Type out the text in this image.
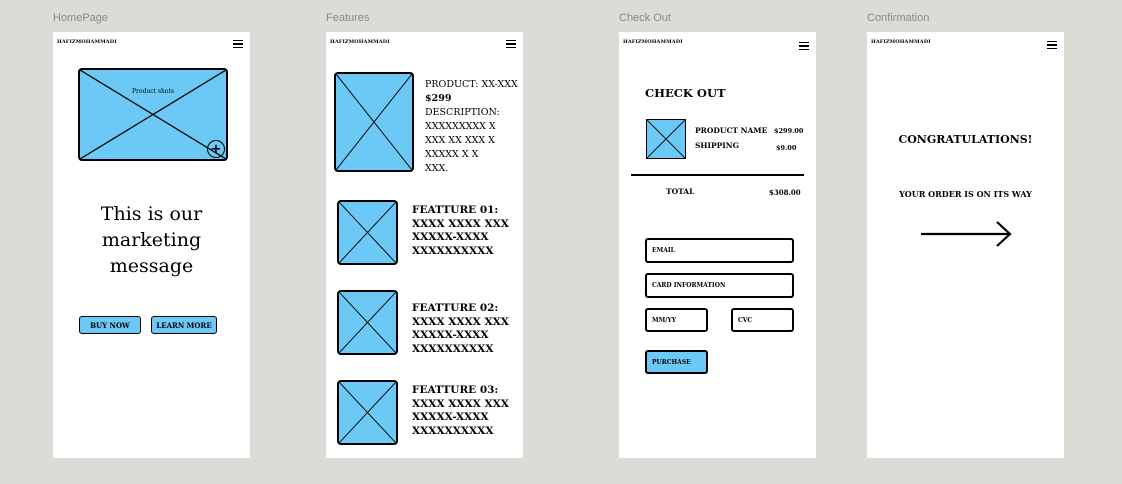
HomePage
HAFIZMOHAMMADI
Product shots
+
This is our
marketing
message
BUY NOW	LEARN MORE
Features
HAFIZMOHAMMADI
PRODUCT: XX-XXX
$299
DESCRIPTION:
XXXXXXXXX X
XXX XX XXX X
XXXXX X X
XXX.
FEATTURE 01:
XXXX XXXX XXX
XXXXX-XXXX
XXXXXXXXXX
FEATTURE 02:
XXXX XXXX XXX
XXXXX-XXXX
XXXXXXXXXX
FEATTURE 03:
XXXX XXXX XXX
XXXXX-XXXX
XXXXXXXXXX
Check Out
HAFIZMOHAMMADI
CHECK OUT
PRODUCT NAME $299.00
SHIPPING	$9.00
TOTAL	$308.00
EMAIL
CARD INFORMATION
MM/YY	CVC
PURCHASE
Confirmation
HAFIZMOHAMMADI
CONGRATULATIONS!
YOUR ORDER IS ON ITS WAY
